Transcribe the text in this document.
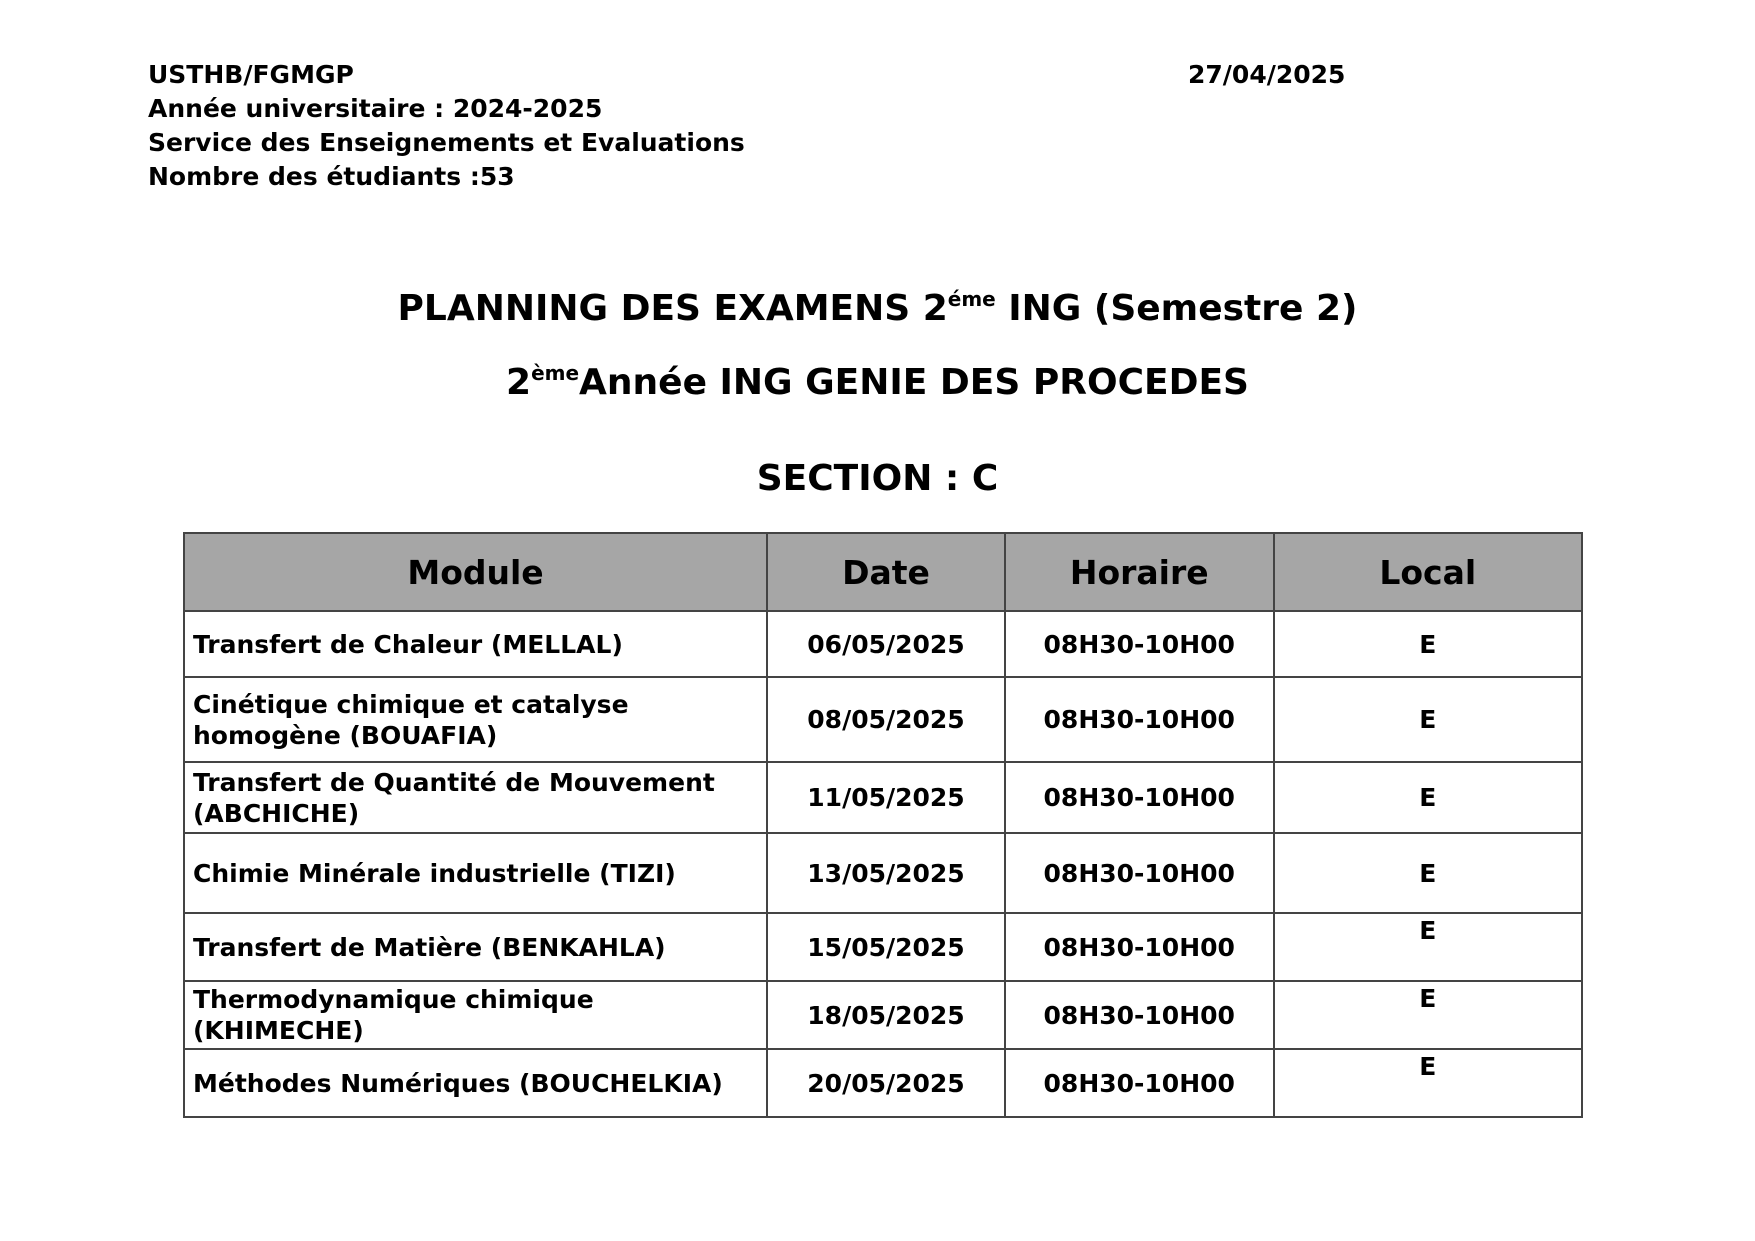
USTHB/FGMGP
Année universitaire : 2024-2025
Service des Enseignements et Evaluations
Nombre des étudiants :53
27/04/2025
PLANNING DES EXAMENS $2^{éme}$ ING (Semestre 2)
2èmeAnnée ING GENIE DES PROCEDES
SECTION : C
Module	Date	Horaire	Local
Transfert de Chaleur (MELLAL)	06/05/2025	08H30-10H00	E
Cinétique chimique et catalyse homogène (BOUAFIA)	08/05/2025	08H30-10H00	E
Transfert de Quantité de Mouvement (ABCHICHE)	11/05/2025	08H30-10H00	E
Chimie Minérale industrielle (TIZI)	13/05/2025	08H30-10H00	E
Transfert de Matière (BENKAHLA)	15/05/2025	08H30-10H00	E
Thermodynamique chimique (KHIMECHE)	18/05/2025	08H30-10H00	E
Méthodes Numériques (BOUCHELKIA)	20/05/2025	08H30-10H00	E
